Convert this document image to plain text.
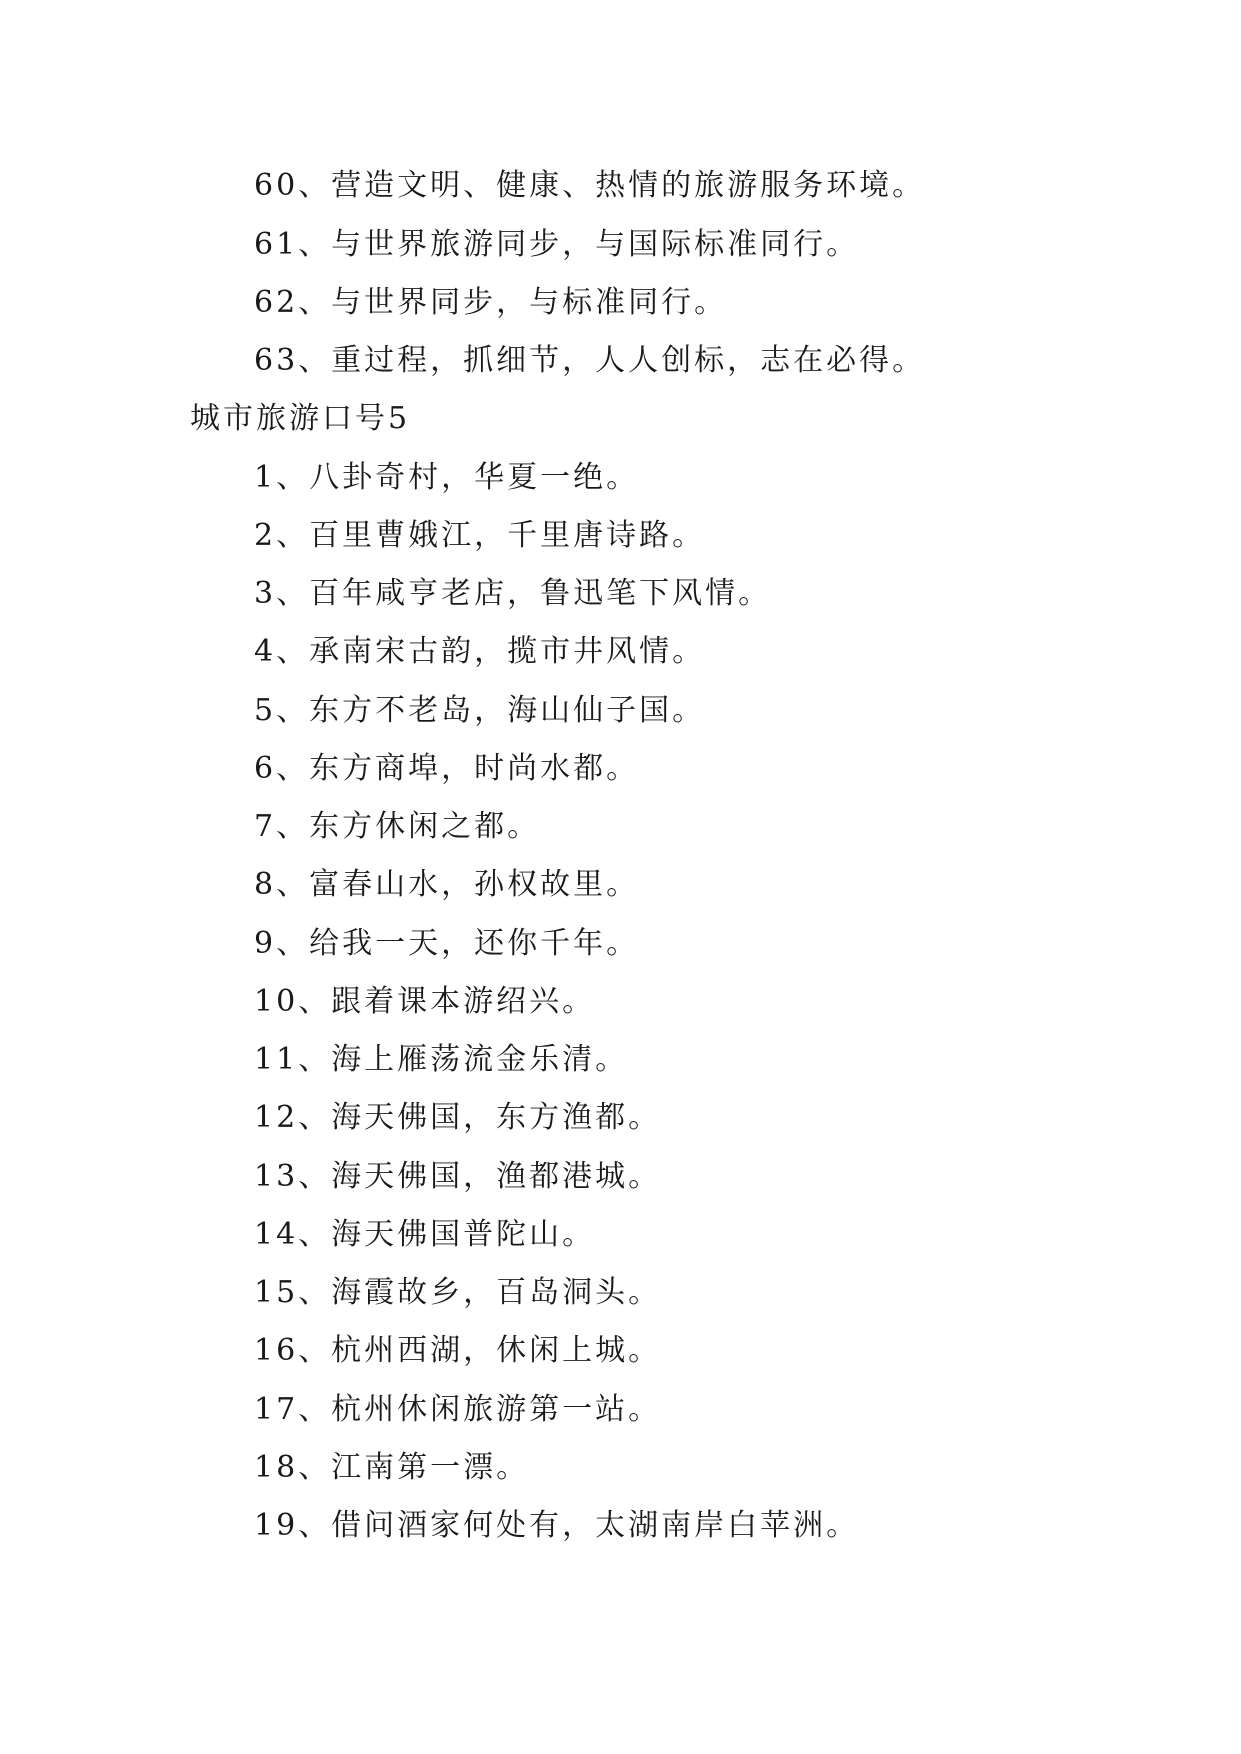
60、营造文明、健康、热情的旅游服务环境。
61、与世界旅游同步，与国际标准同行。
62、与世界同步，与标准同行。
63、重过程，抓细节，人人创标，志在必得。
城市旅游口号5
1、八卦奇村，华夏一绝。
2、百里曹娥江，千里唐诗路。
3、百年咸亨老店，鲁迅笔下风情。
4、承南宋古韵，揽市井风情。
5、东方不老岛，海山仙子国。
6、东方商埠，时尚水都。
7、东方休闲之都。
8、富春山水，孙权故里。
9、给我一天，还你千年。
10、跟着课本游绍兴。
11、海上雁荡流金乐清。
12、海天佛国，东方渔都。
13、海天佛国，渔都港城。
14、海天佛国普陀山。
15、海霞故乡，百岛洞头。
16、杭州西湖，休闲上城。
17、杭州休闲旅游第一站。
18、江南第一漂。
19、借问酒家何处有，太湖南岸白苹洲。
